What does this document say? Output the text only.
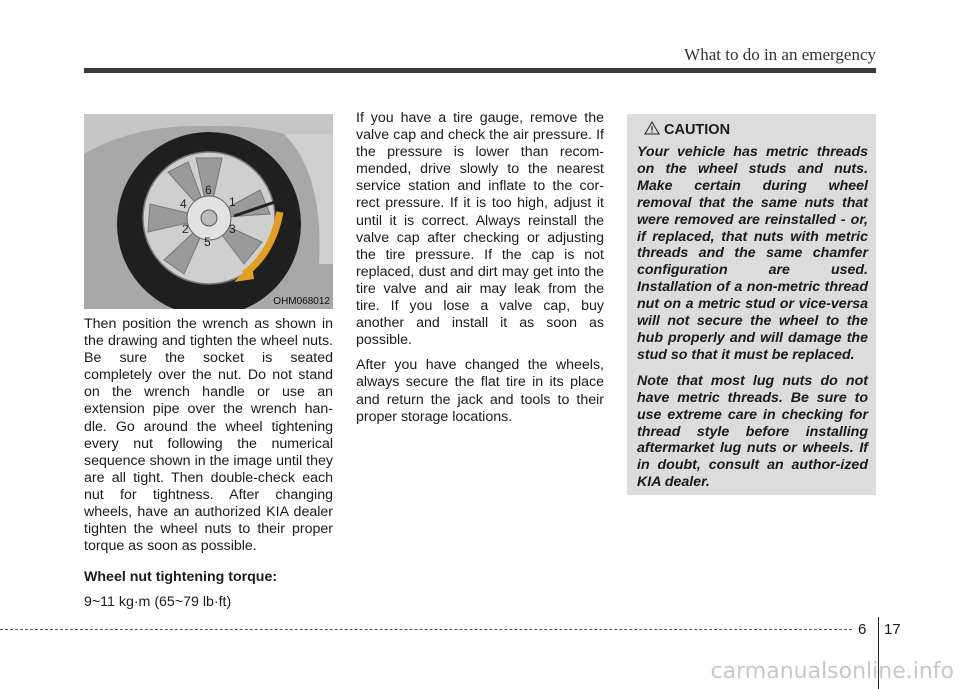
What to do in an emergency
6
4	1
2	3
5
OHM068012

Then position the wrench as shown in the drawing and tighten the wheel nuts. Be sure the socket is seated completely over the nut. Do not stand on the wrench handle or use an extension pipe over the wrench han-dle. Go around the wheel tightening every nut following the numerical sequence shown in the image until they are all tight. Then double-check each nut for tightness. After changing wheels, have an authorized KIA dealer tighten the wheel nuts to their proper torque as soon as possible.

Wheel nut tightening torque:

9~11 kg·m (65~79 lb·ft)

If you have a tire gauge, remove the valve cap and check the air pressure. If the pressure is lower than recom-mended, drive slowly to the nearest service station and inflate to the cor-rect pressure. If it is too high, adjust it until it is correct. Always reinstall the valve cap after checking or adjusting the tire pressure. If the cap is not replaced, dust and dirt may get into the tire valve and air may leak from the tire. If you lose a valve cap, buy another and install it as soon as possible.

After you have changed the wheels, always secure the flat tire in its place and return the jack and tools to their proper storage locations.

CAUTION

Your vehicle has metric threads on the wheel studs and nuts. Make certain during wheel removal that the same nuts that were removed are reinstalled - or, if replaced, that nuts with metric threads and the same chamfer configuration are used. Installation of a non-metric thread nut on a metric stud or vice-versa will not secure the wheel to the hub properly and will damage the stud so that it must be replaced.

Note that most lug nuts do not have metric threads. Be sure to use extreme care in checking for thread style before installing aftermarket lug nuts or wheels. If in doubt, consult an author-ized KIA dealer.

6 17
carmanualsonline.info
